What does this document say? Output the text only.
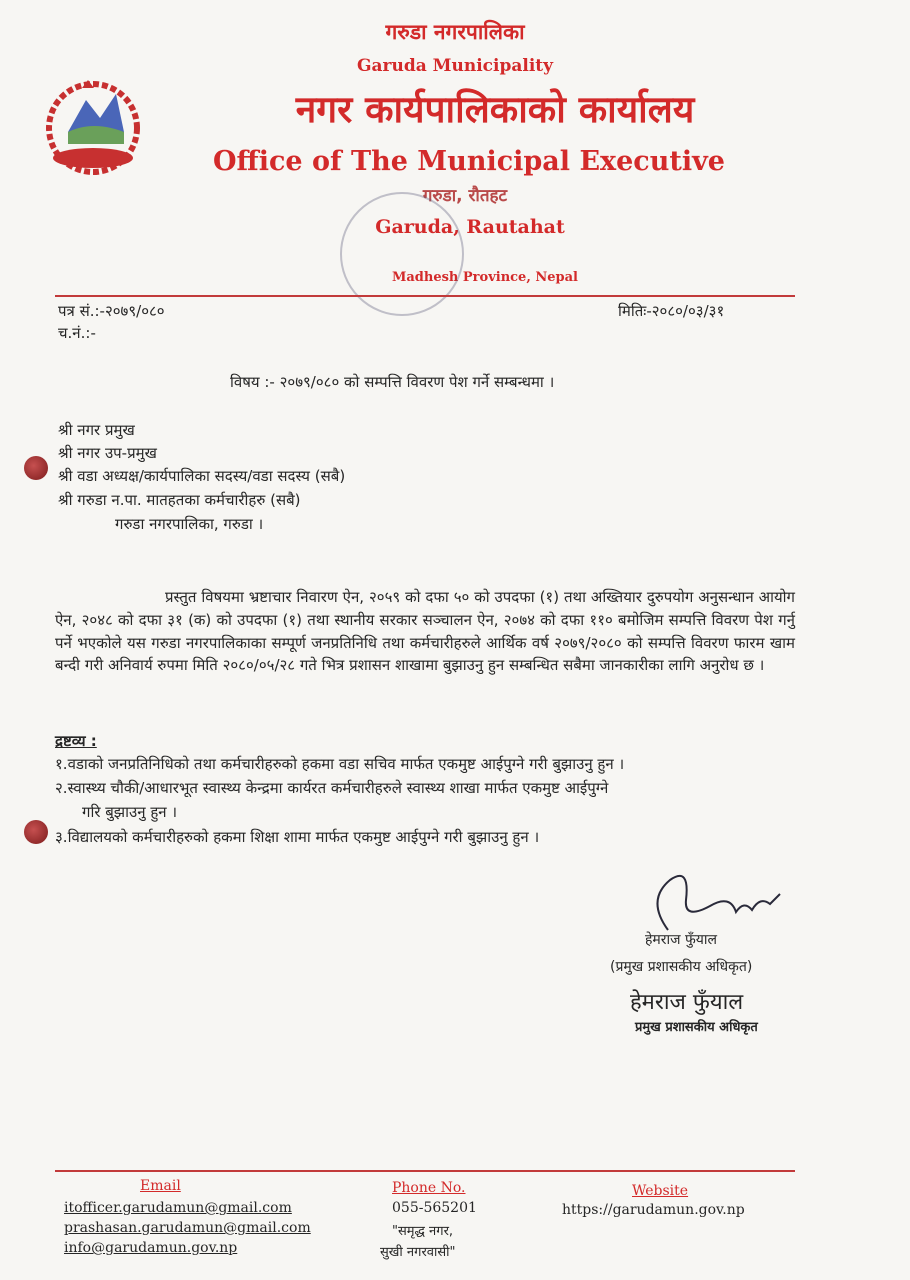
गरुडा नगरपालिका
Garuda Municipality
नगर कार्यपालिकाको कार्यालय
Office of The Municipal Executive
गरुडा, रौतहट
Garuda, Rautahat
Madhesh Province, Nepal
पत्र सं.:-२०७९/०८०	मितिः-२०८०/०३/३१
च.नं.:-
विषय :- २०७९/०८० को सम्पत्ति विवरण पेश गर्ने सम्बन्धमा ।
श्री नगर प्रमुख
श्री नगर उप-प्रमुख
श्री वडा अध्यक्ष/कार्यपालिका सदस्य/वडा सदस्य (सबै)
श्री गरुडा न.पा. मातहतका कर्मचारीहरु (सबै)
गरुडा नगरपालिका, गरुडा ।
प्रस्तुत विषयमा भ्रष्टाचार निवारण ऐन, २०५९ को दफा ५० को उपदफा (१) तथा अख्तियार दुरुपयोग अनुसन्धान आयोग ऐन, २०४८ को दफा ३१ (क) को उपदफा (१) तथा स्थानीय सरकार सञ्चालन ऐन, २०७४ को दफा ११० बमोजिम सम्पत्ति विवरण पेश गर्नु पर्ने भएकोले यस गरुडा नगरपालिकाका सम्पूर्ण जनप्रतिनिधि तथा कर्मचारीहरुले आर्थिक वर्ष २०७९/२०८० को सम्पत्ति विवरण फारम खाम बन्दी गरी अनिवार्य रुपमा मिति २०८०/०५/२८ गते भित्र प्रशासन शाखामा बुझाउनु हुन सम्बन्धित सबैमा जानकारीका लागि अनुरोध छ ।
द्रष्टव्य :
१.वडाको जनप्रतिनिधिको तथा कर्मचारीहरुको हकमा वडा सचिव मार्फत एकमुष्ट आईपुग्ने गरी बुझाउनु हुन ।
२.स्वास्थ्य चौकी/आधारभूत स्वास्थ्य केन्द्रमा कार्यरत कर्मचारीहरुले स्वास्थ्य शाखा मार्फत एकमुष्ट आईपुग्ने
गरि बुझाउनु हुन ।
३.विद्यालयको कर्मचारीहरुको हकमा शिक्षा शामा मार्फत एकमुष्ट आईपुग्ने गरी बुझाउनु हुन ।
हेमराज फुँयाल
(प्रमुख प्रशासकीय अधिकृत)
हेमराज फुँयाल
प्रमुख प्रशासकीय अधिकृत
Email
itofficer.garudamun@gmail.com
prashasan.garudamun@gmail.com
info@garudamun.gov.np
Phone No.
055-565201
"समृद्ध नगर,
सुखी नगरवासी"
Website
https://garudamun.gov.np
